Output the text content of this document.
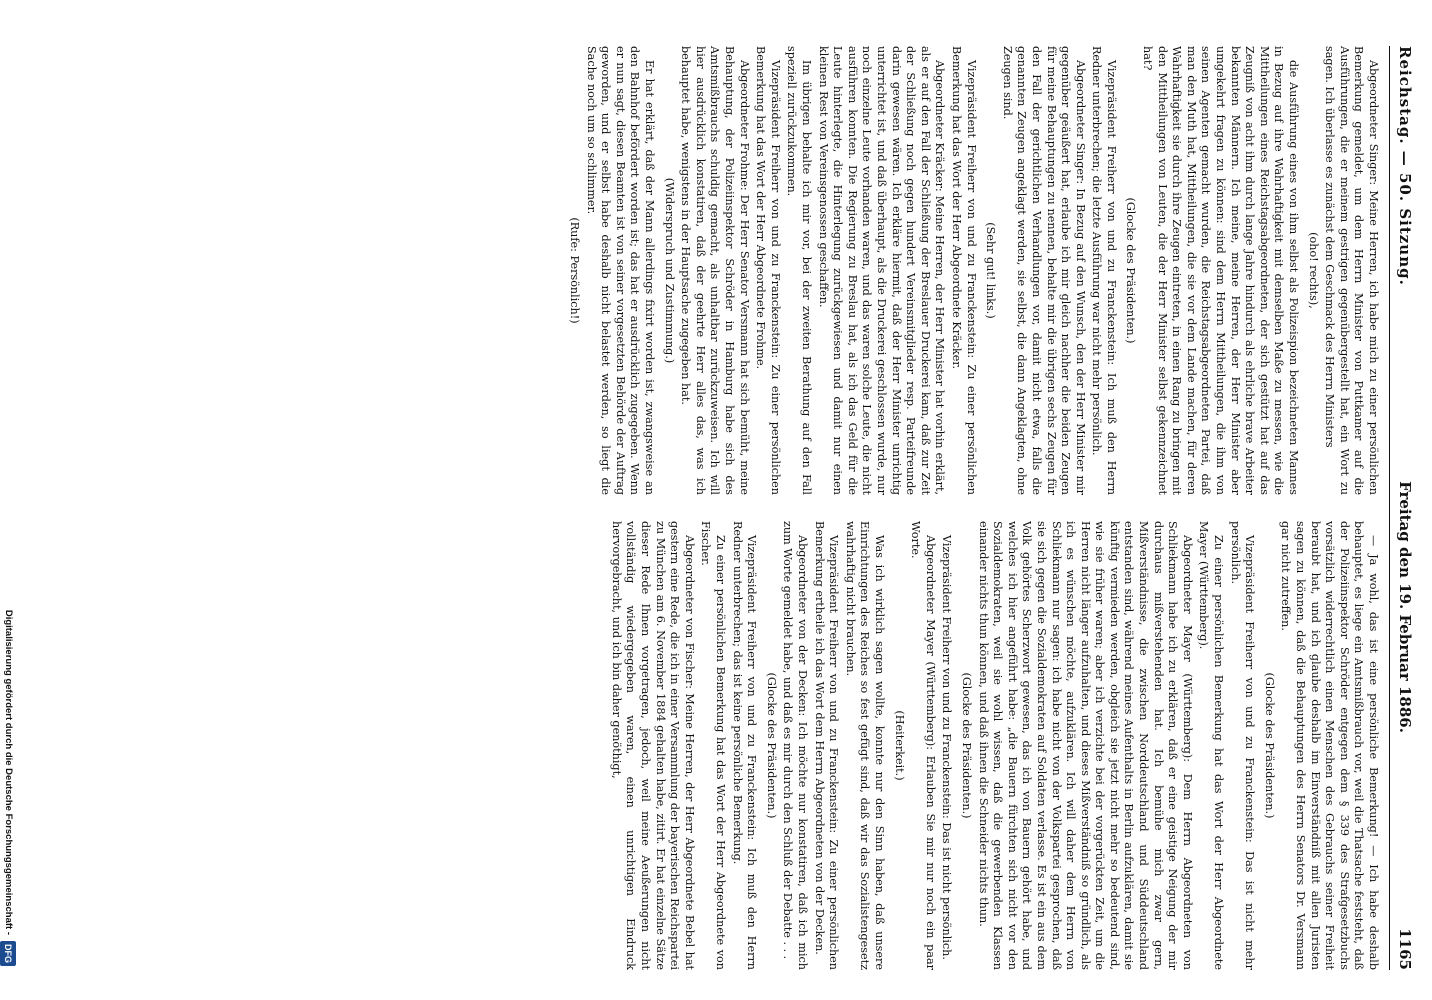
Reichstag. — 50. Sitzung.
Freitag den 19. Februar 1886.
1165

Abgeordneter Singer: Meine Herren, ich habe mich zu einer persönlichen Bemerkung gemeldet, um dem Herrn Minister von Puttkamer auf die Ausführungen, die er meinem gestrigen gegenübergestellt hat, ein Wort zu sagen. Ich überlasse es zunächst dem Geschmack des Herrn Ministers

(oho! rechts),

die Ausführung eines von ihm selbst als Polizeispion bezeichneten Mannes in Bezug auf ihre Wahrhaftigkeit mit demselben Maße zu messen, wie die Mittheilungen eines Reichstagsabgeordneten, der sich gestützt hat auf das Zeugniß von acht ihm durch lange Jahre hindurch als ehrliche brave Arbeiter bekannten Männern. Ich meine, meine Herren, der Herr Minister aber umgekehrt fragen zu können: sind dem Herrn Mittheilungen, die ihm von seinen Agenten gemacht wurden, die Reichstagsabgeordneten Partei, daß man den Muth hat, Mittheilungen, die sie vor dem Lande machen, für deren Wahrhaftigkeit sie durch ihre Zeugen eintreten, in einen Rang zu bringen mit den Mittheilungen von Leuten, die der Herr Minister selbst gekennzeichnet hat?

(Glocke des Präsidenten.)

Vizepräsident Freiherr von und zu Franckenstein: Ich muß den Herrn Redner unterbrechen; die letzte Ausführung war nicht mehr persönlich.

Abgeordneter Singer: In Bezug auf den Wunsch, den der Herr Minister mir gegenüber geäußert hat, erlaube ich mir gleich nachher die beiden Zeugen für meine Behauptungen zu nennen, behalte mir die übrigen sechs Zeugen für den Fall der gerichtlichen Verhandlungen vor, damit nicht etwa, falls die genannten Zeugen angeklagt werden, sie selbst, die dann Angeklagten, ohne Zeugen sind.

(Sehr gut! links.)

Vizepräsident Freiherr von und zu Franckenstein: Zu einer persönlichen Bemerkung hat das Wort der Herr Abgeordnete Kräcker.

Abgeordneter Kräcker: Meine Herren, der Herr Minister hat vorhin erklärt, als er auf den Fall der Schließung der Breslauer Druckerei kam, daß zur Zeit der Schließung noch gegen hundert Vereinsmitglieder resp. Parteifreunde darin gewesen wären. Ich erkläre hiermit, daß der Herr Minister unrichtig unterrichtet ist, und daß überhaupt, als die Druckerei geschlossen wurde, nur noch einzelne Leute vorhanden waren, und das waren solche Leute, die nicht ausführen konnten. Die Regierung zu Breslau hat, als ich das Geld für die Leute hinterlegte, die Hinterlegung zurückgewiesen und damit nur einen kleinen Rest von Vereinsgenossen geschaffen.

Im übrigen behalte ich mir vor, bei der zweiten Berathung auf den Fall speziell zurückzukommen.

Vizepräsident Freiherr von und zu Franckenstein: Zu einer persönlichen Bemerkung hat das Wort der Herr Abgeordnete Frohme.

Abgeordneter Frohme: Der Herr Senator Versmann hat sich bemüht, meine Behauptung, der Polizeiinspektor Schröder in Hamburg habe sich des Amtsmißbrauchs schuldig gemacht, als unhaltbar zurückzuweisen. Ich will hier ausdrücklich konstatiren, daß der geehrte Herr alles das, was ich behauptet habe, wenigstens in der Hauptsache zugegeben hat.

(Widerspruch und Zustimmung.)

Er hat erklärt, daß der Mann allerdings fixirt worden ist, zwangsweise an den Bahnhof befördert worden ist; das hat er ausdrücklich zugegeben. Wenn er nun sagt, diesen Beamten ist von seiner vorgesetzten Behörde der Auftrag geworden, und er selbst habe deshalb nicht belastet werden, so liegt die Sache noch um so schlimmer.

(Rufe: Persönlich!)

— Ja wohl, das ist eine persönliche Bemerkung! — Ich habe deshalb behauptet, es liege ein Amtsmißbrauch vor, weil die Thatsache feststeht, daß der Polizeiinspektor Schröder entgegen dem § 339 des Strafgesetzbuchs vorsätzlich widerrechtlich einen Menschen des Gebrauchs seiner Freiheit beraubt hat, und ich glaube deshalb im Einverständniß mit allen Juristen sagen zu können, daß die Behauptungen des Herrn Senators Dr. Versmann gar nicht zutreffen.

(Glocke des Präsidenten.)

Vizepräsident Freiherr von und zu Franckenstein: Das ist nicht mehr persönlich.

Zu einer persönlichen Bemerkung hat das Wort der Herr Abgeordnete Mayer (Württemberg).

Abgeordneter Mayer (Württemberg): Dem Herrn Abgeordneten von Schliekmann habe ich zu erklären, daß er eine geistige Neigung der mir durchaus mißverstehenden hat. Ich bemühe mich zwar gern, Mißverständnisse, die zwischen Norddeutschland und Süddeutschland entstanden sind, während meines Aufenthalts in Berlin aufzuklären, damit sie künftig vermieden werden, obgleich sie jetzt nicht mehr so bedeutend sind, wie sie früher waren; aber ich verzichte bei der vorgerückten Zeit, um die Herren nicht länger aufzuhalten, und dieses Mißverständniß so gründlich, als ich es wünschen möchte, aufzuklären. Ich will daher dem Herrn von Schliekmann nur sagen: ich habe nicht von der Volkspartei gesprochen, daß sie sich gegen die Sozialdemokraten auf Soldaten verlasse. Es ist ein aus dem Volk gehörtes Scherzwort gewesen, das ich von Bauern gehört habe, und welches ich hier angeführt habe: „die Bauern fürchten sich nicht vor den Sozialdemokraten, weil sie wohl wissen, daß die gewerbenden Klassen einander nichts thun können, und daß ihnen die Schneider nichts thun.

(Glocke des Präsidenten.)

Vizepräsident Freiherr von und zu Franckenstein: Das ist nicht persönlich.

Abgeordneter Mayer (Württemberg): Erlauben Sie mir nur noch ein paar Worte.

(Heiterkeit.)

Was ich wirklich sagen wollte, konnte nur den Sinn haben, daß unsere Einrichtungen des Reiches so fest gefügt sind, daß wir das Sozialistengesetz wahrhaftig nicht brauchen.

Vizepräsident Freiherr von und zu Franckenstein: Zu einer persönlichen Bemerkung ertheile ich das Wort dem Herrn Abgeordneten von der Decken.

Abgeordneter von der Decken: Ich möchte nur konstatiren, daß ich mich zum Worte gemeldet habe, und daß es mir durch den Schluß der Debatte . . .

(Glocke des Präsidenten.)

Vizepräsident Freiherr von und zu Franckenstein: Ich muß den Herrn Redner unterbrechen; das ist keine persönliche Bemerkung.

Zu einer persönlichen Bemerkung hat das Wort der Herr Abgeordnete von Fischer.

Abgeordneter von Fischer: Meine Herren, der Herr Abgeordnete Bebel hat gestern eine Rede, die ich in einer Versammlung der bayerischen Reichspartei zu München am 6. November 1884 gehalten habe, zitirt. Er hat einzelne Sätze dieser Rede Ihnen vorgetragen, jedoch, weil meine Aeußerungen nicht vollständig wiedergegeben waren, einen unrichtigen Eindruck hervorgebracht, und ich bin daher genöthigt,

Digitalisierung gefördert durch die Deutsche Forschungsgemeinschaft -
DFG
